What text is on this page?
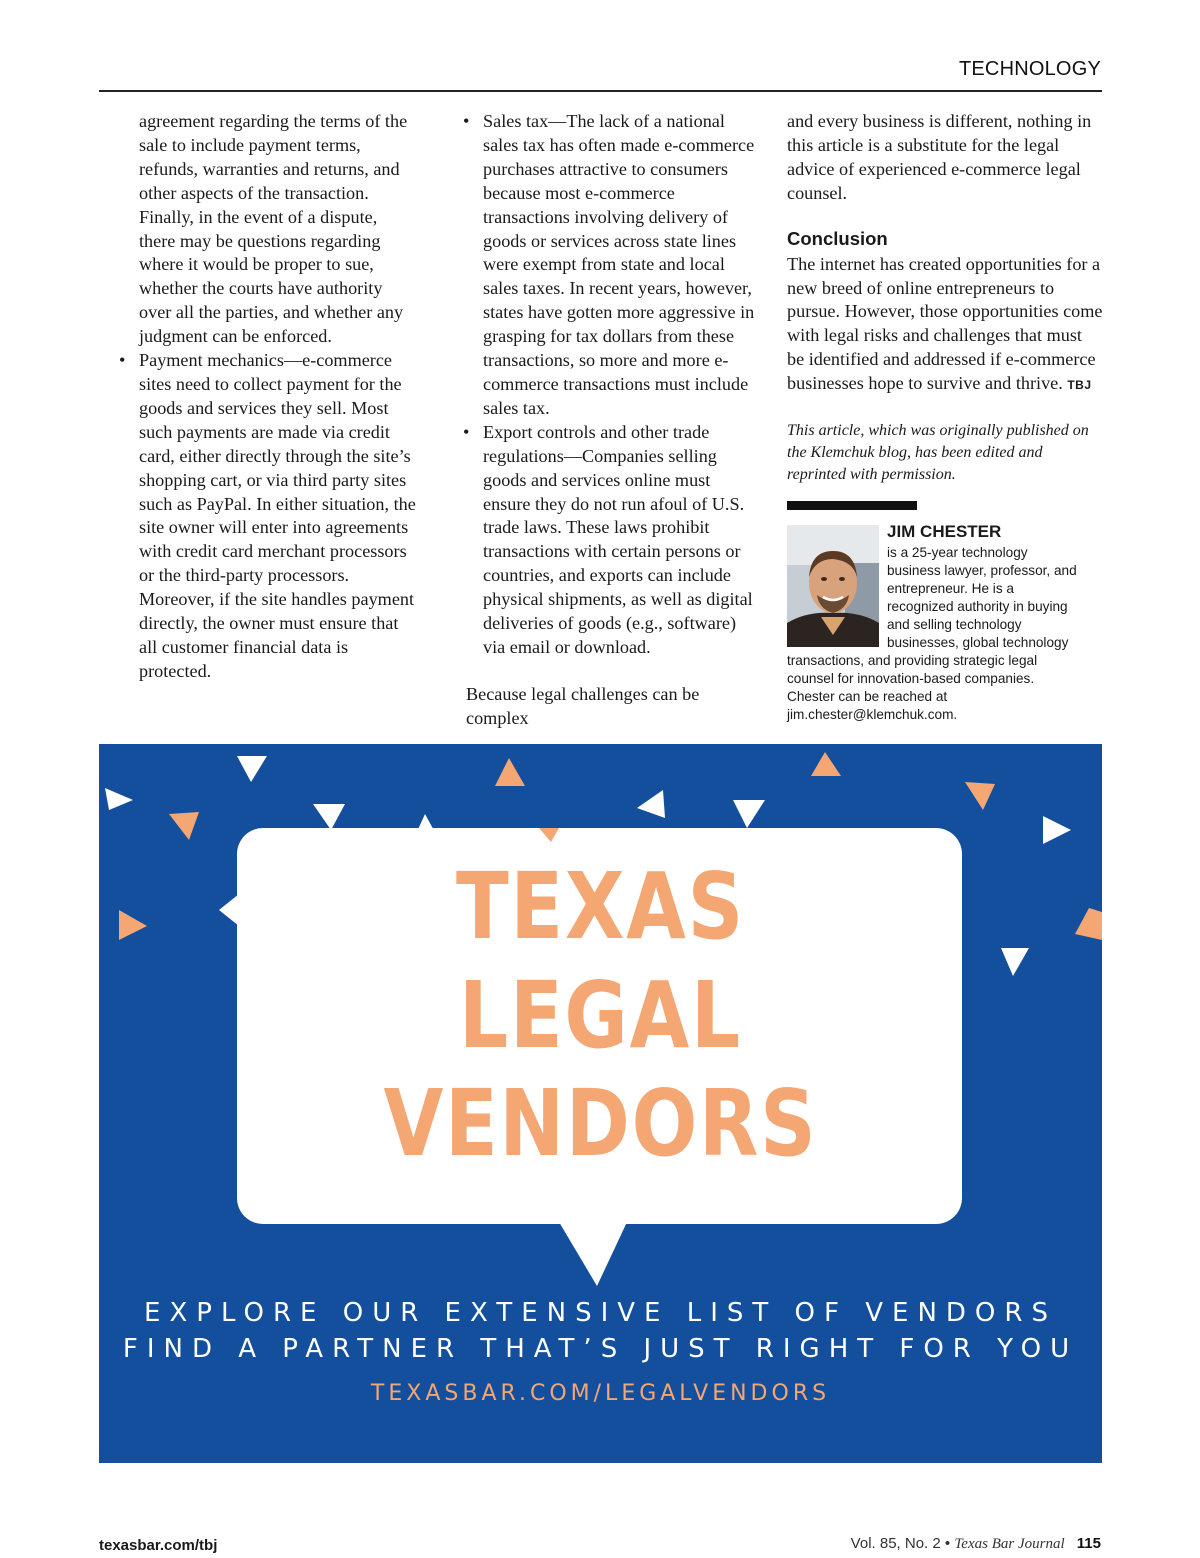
TECHNOLOGY

agreement regarding the terms of the sale to include payment terms, refunds, warranties and returns, and other aspects of the transaction. Finally, in the event of a dispute, there may be questions regarding where it would be proper to sue, whether the courts have authority over all the parties, and whether any judgment can be enforced.

• Payment mechanics—e-commerce sites need to collect payment for the goods and services they sell. Most such payments are made via credit card, either directly through the site’s shopping cart, or via third party sites such as PayPal. In either situation, the site owner will enter into agreements with credit card merchant processors or the third-party processors. Moreover, if the site handles payment directly, the owner must ensure that all customer financial data is protected.

• Sales tax—The lack of a national sales tax has often made e-commerce purchases attractive to consumers because most e-commerce transactions involving delivery of goods or services across state lines were exempt from state and local sales taxes. In recent years, however, states have gotten more aggressive in grasping for tax dollars from these transactions, so more and more e-commerce transactions must include sales tax.

• Export controls and other trade regulations—Companies selling goods and services online must ensure they do not run afoul of U.S. trade laws. These laws prohibit transactions with certain persons or countries, and exports can include physical shipments, as well as digital deliveries of goods (e.g., software) via email or download.

Because legal challenges can be complex

and every business is different, nothing in this article is a substitute for the legal advice of experienced e-commerce legal counsel.

Conclusion

The internet has created opportunities for a new breed of online entrepreneurs to pursue. However, those opportunities come with legal risks and challenges that must be identified and addressed if e-commerce businesses hope to survive and thrive. TBJ

This article, which was originally published on the Klemchuk blog, has been edited and reprinted with permission.

JIM CHESTER
is a 25-year technology business lawyer, professor, and entrepreneur. He is a recognized authority in buying and selling technology businesses, global technology transactions, and providing strategic legal counsel for innovation-based companies. Chester can be reached at jim.chester@klemchuk.com.
TEXAS
LEGAL
VENDORS
EXPLORE OUR EXTENSIVE LIST OF VENDORS
FIND A PARTNER THAT’S JUST RIGHT FOR YOU
TEXASBAR.COM/LEGALVENDORS
texasbar.com/tbj	Vol. 85, No. 2 • Texas Bar Journal 115
